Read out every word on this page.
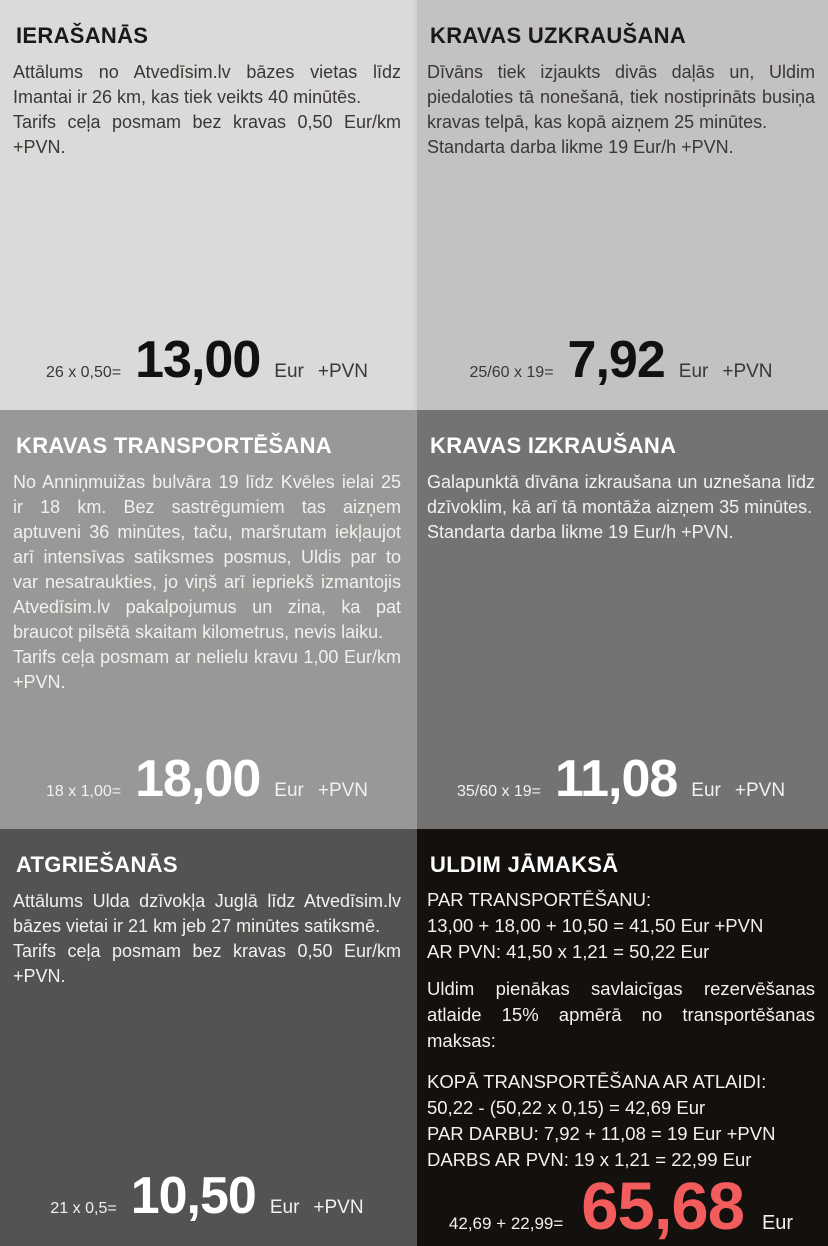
IERAŠANĀS

Attālums no Atvedīsim.lv bāzes vietas līdz Imantai ir 26 km, kas tiek veikts 40 minūtēs.

Tarifs ceļa posmam bez kravas 0,50 Eur/km +PVN.

26 x 0,50= 13,00 Eur +PVN
KRAVAS UZKRAUŠANA

Dīvāns tiek izjaukts divās daļās un, Uldim piedaloties tā nonešanā, tiek nostiprināts busiņa kravas telpā, kas kopā aizņem 25 minūtes.

Standarta darba likme 19 Eur/h +PVN.

25/60 x 19= 7,92 Eur +PVN
KRAVAS TRANSPORTĒŠANA

No Anniņmuižas bulvāra 19 līdz Kvēles ielai 25 ir 18 km. Bez sastrēgumiem tas aizņem aptuveni 36 minūtes, taču, maršrutam iekļaujot arī intensīvas satiksmes posmus, Uldis par to var nesatraukties, jo viņš arī iepriekš izmantojis Atvedīsim.lv pakalpojumus un zina, ka pat braucot pilsētā skaitam kilometrus, nevis laiku.

Tarifs ceļa posmam ar nelielu kravu 1,00 Eur/km +PVN.

18 x 1,00= 18,00 Eur +PVN
KRAVAS IZKRAUŠANA

Galapunktā dīvāna izkraušana un uznešana līdz dzīvoklim, kā arī tā montāža aizņem 35 minūtes.

Standarta darba likme 19 Eur/h +PVN.

35/60 x 19= 11,08 Eur +PVN
ATGRIEŠANĀS

Attālums Ulda dzīvokļa Juglā līdz Atvedīsim.lv bāzes vietai ir 21 km jeb 27 minūtes satiksmē.

Tarifs ceļa posmam bez kravas 0,50 Eur/km +PVN.

21 x 0,5= 10,50 Eur +PVN
ULDIM JĀMAKSĀ

PAR TRANSPORTĒŠANU:

13,00 + 18,00 + 10,50 = 41,50 Eur +PVN

AR PVN: 41,50 x 1,21 = 50,22 Eur

Uldim pienākas savlaicīgas rezervēšanas atlaide 15% apmērā no transportēšanas maksas:

KOPĀ TRANSPORTĒŠANA AR ATLAIDI:

50,22 - (50,22 x 0,15) = 42,69 Eur

PAR DARBU: 7,92 + 11,08 = 19 Eur +PVN

DARBS AR PVN: 19 x 1,21 = 22,99 Eur

42,69 + 22,99= 65,68 Eur
